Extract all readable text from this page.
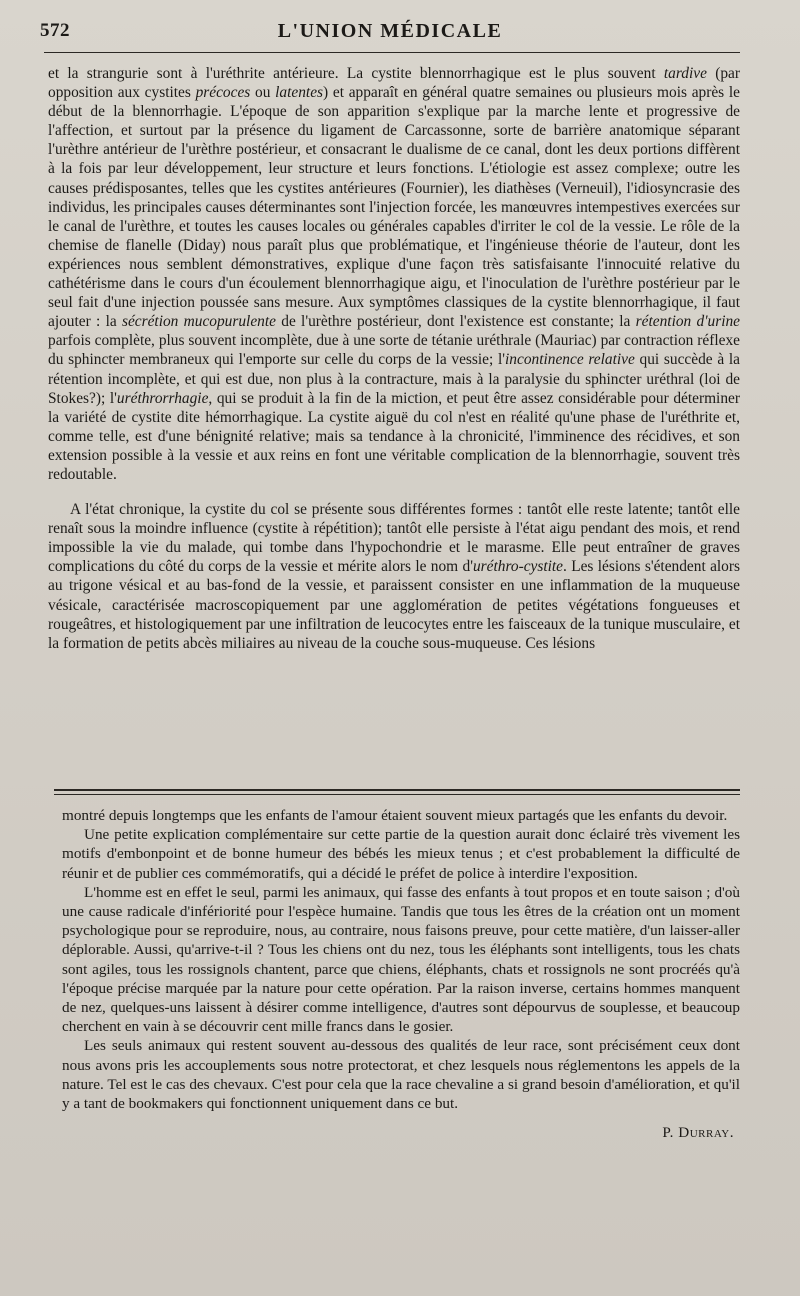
572	L'UNION MÉDICALE

et la strangurie sont à l'uréthrite antérieure. La cystite blennorrhagique est le plus souvent tardive (par opposition aux cystites précoces ou latentes) et apparaît en général quatre semaines ou plusieurs mois après le début de la blennorrhagie. L'époque de son apparition s'explique par la marche lente et progressive de l'affection, et surtout par la présence du ligament de Carcassonne, sorte de barrière anatomique séparant l'urèthre antérieur de l'urèthre postérieur, et consacrant le dualisme de ce canal, dont les deux portions diffèrent à la fois par leur développement, leur structure et leurs fonctions. L'étiologie est assez complexe; outre les causes prédisposantes, telles que les cystites antérieures (Fournier), les diathèses (Verneuil), l'idiosyncrasie des individus, les principales causes déterminantes sont l'injection forcée, les manœuvres intempestives exercées sur le canal de l'urèthre, et toutes les causes locales ou générales capables d'irriter le col de la vessie. Le rôle de la chemise de flanelle (Diday) nous paraît plus que problématique, et l'ingénieuse théorie de l'auteur, dont les expériences nous semblent démonstratives, explique d'une façon très satisfaisante l'innocuité relative du cathétérisme dans le cours d'un écoulement blennorrhagique aigu, et l'inoculation de l'urèthre postérieur par le seul fait d'une injection poussée sans mesure. Aux symptômes classiques de la cystite blennorrhagique, il faut ajouter : la sécrétion mucopurulente de l'urèthre postérieur, dont l'existence est constante; la rétention d'urine parfois complète, plus souvent incomplète, due à une sorte de tétanie uréthrale (Mauriac) par contraction réflexe du sphincter membraneux qui l'emporte sur celle du corps de la vessie; l'incontinence relative qui succède à la rétention incomplète, et qui est due, non plus à la contracture, mais à la paralysie du sphincter uréthral (loi de Stokes?); l'uréthrorrhagie, qui se produit à la fin de la miction, et peut être assez considérable pour déterminer la variété de cystite dite hémorrhagique. La cystite aiguë du col n'est en réalité qu'une phase de l'uréthrite et, comme telle, est d'une bénignité relative; mais sa tendance à la chronicité, l'imminence des récidives, et son extension possible à la vessie et aux reins en font une véritable complication de la blennorrhagie, souvent très redoutable.

A l'état chronique, la cystite du col se présente sous différentes formes : tantôt elle reste latente; tantôt elle renaît sous la moindre influence (cystite à répétition); tantôt elle persiste à l'état aigu pendant des mois, et rend impossible la vie du malade, qui tombe dans l'hypochondrie et le marasme. Elle peut entraîner de graves complications du côté du corps de la vessie et mérite alors le nom d'uréthro-cystite. Les lésions s'étendent alors au trigone vésical et au bas-fond de la vessie, et paraissent consister en une inflammation de la muqueuse vésicale, caractérisée macroscopiquement par une agglomération de petites végétations fongueuses et rougeâtres, et histologiquement par une infiltration de leucocytes entre les faisceaux de la tunique musculaire, et la formation de petits abcès miliaires au niveau de la couche sous-muqueuse. Ces lésions

montré depuis longtemps que les enfants de l'amour étaient souvent mieux partagés que les enfants du devoir.

Une petite explication complémentaire sur cette partie de la question aurait donc éclairé très vivement les motifs d'embonpoint et de bonne humeur des bébés les mieux tenus ; et c'est probablement la difficulté de réunir et de publier ces commémoratifs, qui a décidé le préfet de police à interdire l'exposition.

L'homme est en effet le seul, parmi les animaux, qui fasse des enfants à tout propos et en toute saison ; d'où une cause radicale d'infériorité pour l'espèce humaine. Tandis que tous les êtres de la création ont un moment psychologique pour se reproduire, nous, au contraire, nous faisons preuve, pour cette matière, d'un laisser-aller déplorable. Aussi, qu'arrive-t-il ? Tous les chiens ont du nez, tous les éléphants sont intelligents, tous les chats sont agiles, tous les rossignols chantent, parce que chiens, éléphants, chats et rossignols ne sont procréés qu'à l'époque précise marquée par la nature pour cette opération. Par la raison inverse, certains hommes manquent de nez, quelques-uns laissent à désirer comme intelligence, d'autres sont dépourvus de souplesse, et beaucoup cherchent en vain à se découvrir cent mille francs dans le gosier.

Les seuls animaux qui restent souvent au-dessous des qualités de leur race, sont précisément ceux dont nous avons pris les accouplements sous notre protectorat, et chez lesquels nous réglementons les appels de la nature. Tel est le cas des chevaux. C'est pour cela que la race chevaline a si grand besoin d'amélioration, et qu'il y a tant de bookmakers qui fonctionnent uniquement dans ce but.

P. Durray.
